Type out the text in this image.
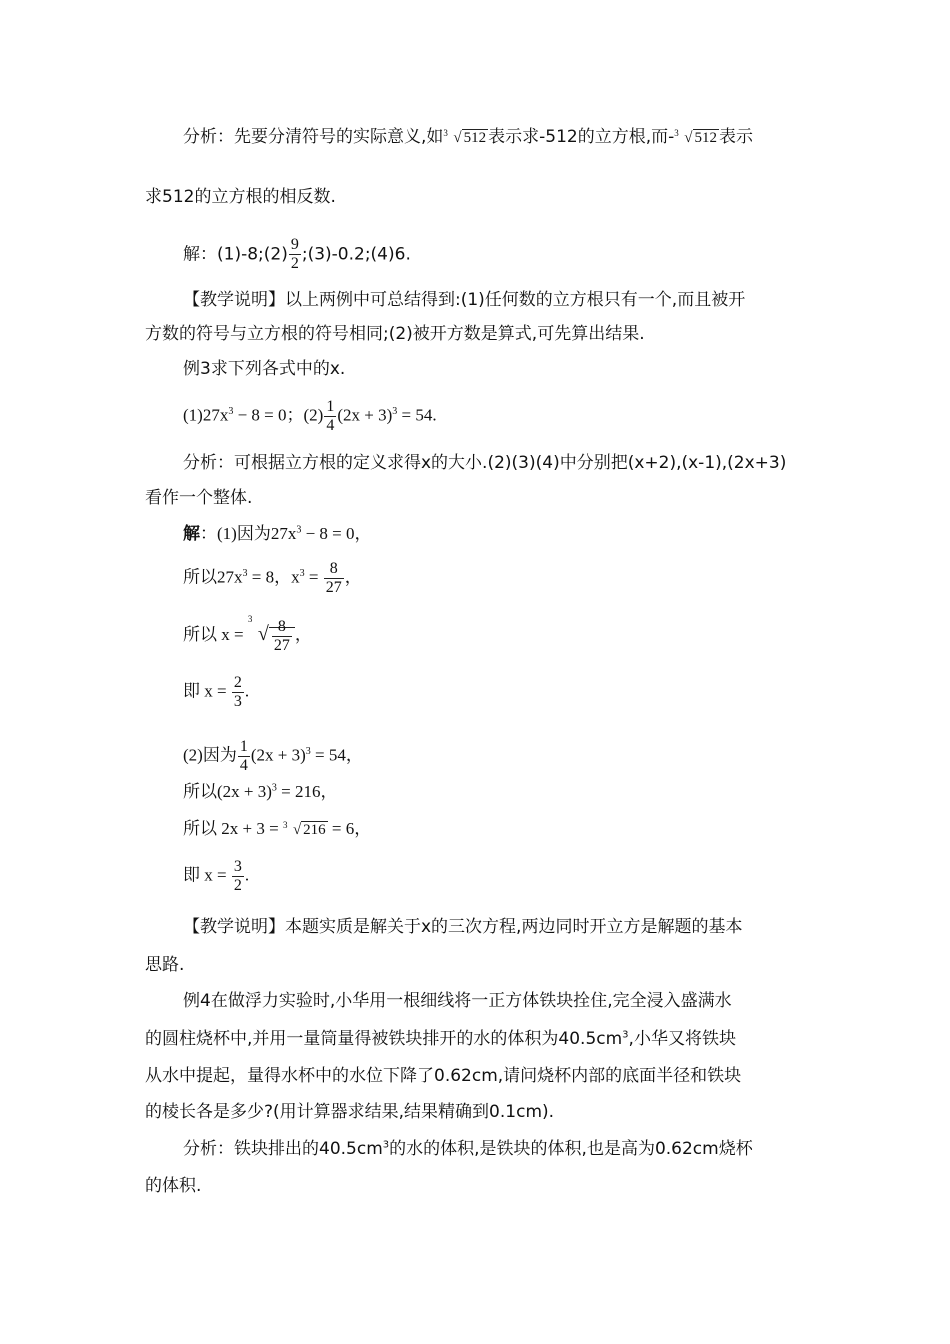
分析：先要分清符号的实际意义,如 3 √ 512 表示求-512的立方根,而- 3 √ 512 表示
求512的立方根的相反数.
解：(1)-8;(2) $\frac{9}{2}$ ;(3)-0.2;(4)6.
【教学说明】以上两例中可总结得到:(1)任何数的立方根只有一个,而且被开
方数的符号与立方根的符号相同;(2)被开方数是算式,可先算出结果.
例3求下列各式中的x.
$(1)27x^3 - 8 = 0$；$(2) \frac{1}{4} (2x + 3)^3 = 54$.
分析：可根据立方根的定义求得x的大小.(2)(3)(4)中分别把(x+2),(x-1),(2x+3)
看作一个整体.
解：(1)因为$27x^3 - 8 = 0$，
所以$27x^3 = 8$，$x^3 = \frac{8}{27}$ ，
所以 x =
3
√ $\frac{8}{27}$ ，
即 $x = \frac{2}{3}$ .
(2)因为 $\frac{1}{4} (2x + 3)^3 = 54$，
所以$(2x + 3)^3 = 216$，
所以 2x + 3 = 3 √ 216 = 6，
即 $x = \frac{3}{2}$ .
【教学说明】本题实质是解关于x的三次方程,两边同时开立方是解题的基本
思路.
例4在做浮力实验时,小华用一根细线将一正方体铁块拴住,完全浸入盛满水
的圆柱烧杯中,并用一量筒量得被铁块排开的水的体积为$40.5cm^3$,小华又将铁块
从水中提起，量得水杯中的水位下降了0.62cm,请问烧杯内部的底面半径和铁块
的棱长各是多少?(用计算器求结果,结果精确到0.1cm).
分析：铁块排出的$40.5cm^3$的水的体积,是铁块的体积,也是高为0.62cm烧杯
的体积.
